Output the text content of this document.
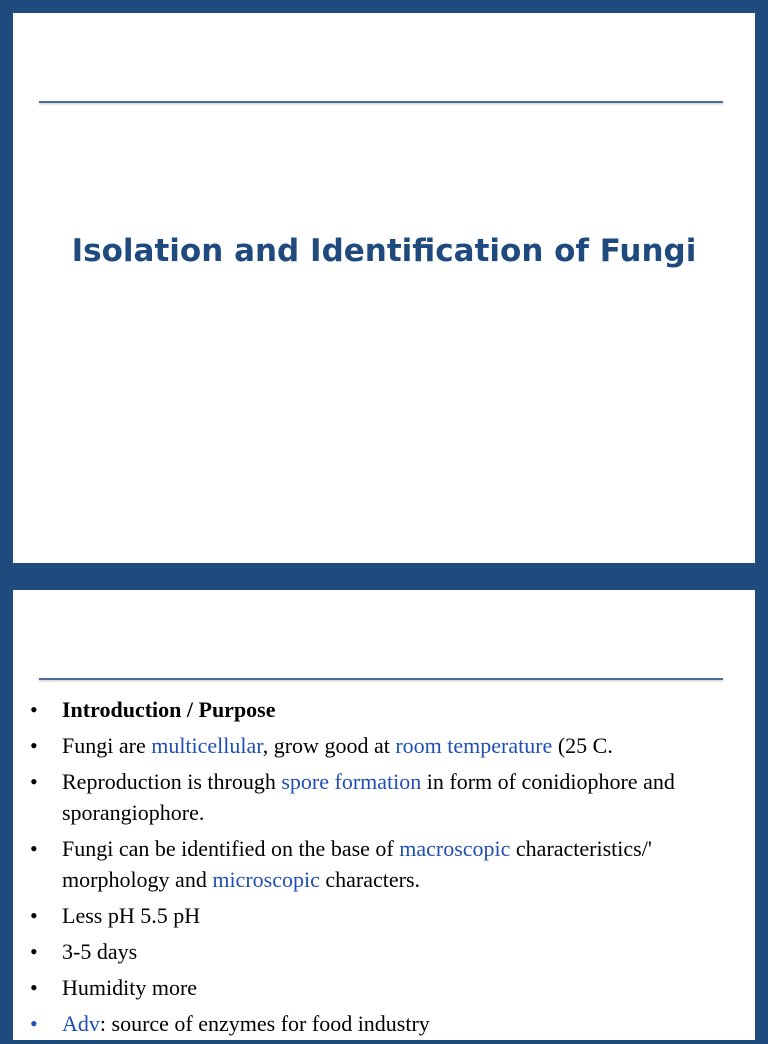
Isolation and Identification of Fungi
• Introduction / Purpose
• Fungi are multicellular, grow good at room temperature (25 C.
• Reproduction is through spore formation in form of conidiophore and sporangiophore.
• Fungi can be identified on the base of macroscopic characteristics/' morphology and microscopic characters.
• Less pH 5.5 pH
• 3-5 days
• Humidity more
• Adv: source of enzymes for food industry
